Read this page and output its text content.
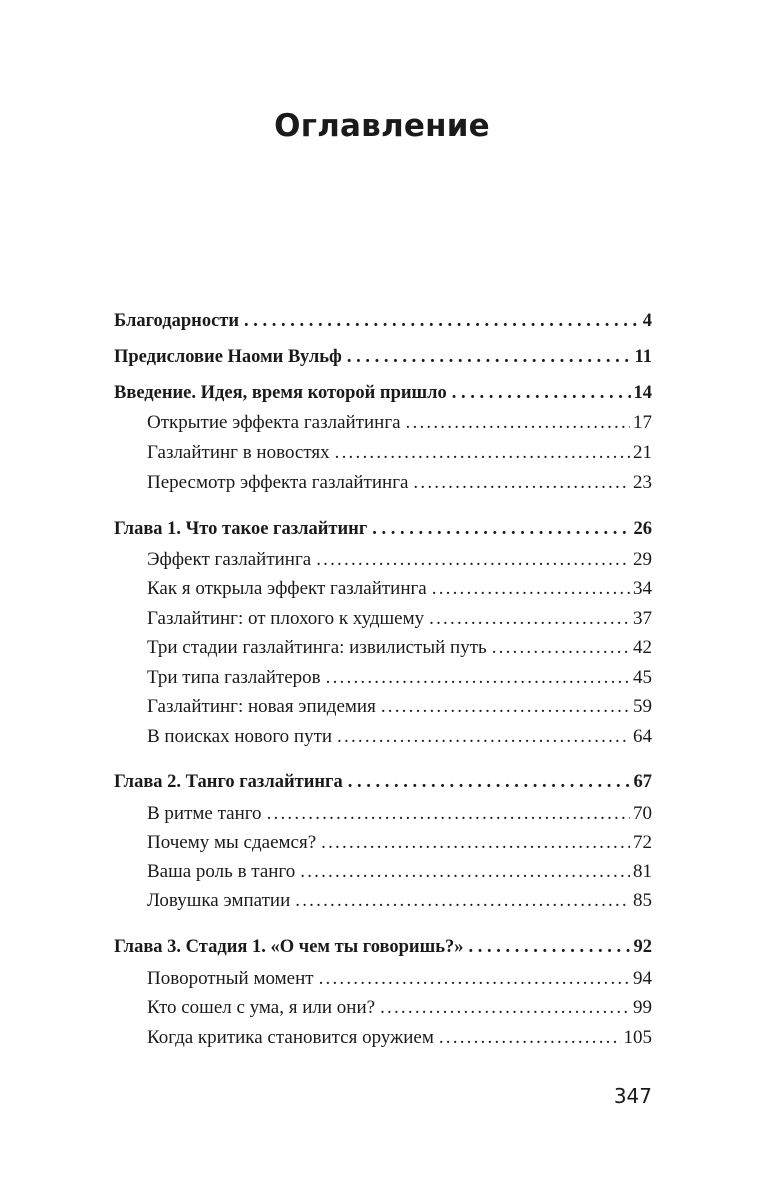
Оглавление
Благодарности . . .	4
Предисловие Наоми Вульф . . .	11
Введение. Идея, время которой пришло . . .	14
Открытие эффекта газлайтинга .....	17
Газлайтинг в новостях .....	21
Пересмотр эффекта газлайтинга .....	23
Глава 1. Что такое газлайтинг . . .	26
Эффект газлайтинга .....	29
Как я открыла эффект газлайтинга .....	34
Газлайтинг: от плохого к худшему .....	37
Три стадии газлайтинга: извилистый путь .....	42
Три типа газлайтеров .....	45
Газлайтинг: новая эпидемия .....	59
В поисках нового пути .....	64
Глава 2. Танго газлайтинга . . .	67
В ритме танго .....	70
Почему мы сдаемся? .....	72
Ваша роль в танго .....	81
Ловушка эмпатии .....	85
Глава 3. Стадия 1. «О чем ты говоришь?» . . .	92
Поворотный момент .....	94
Кто сошел с ума, я или они? .....	99
Когда критика становится оружием .....	105
347
